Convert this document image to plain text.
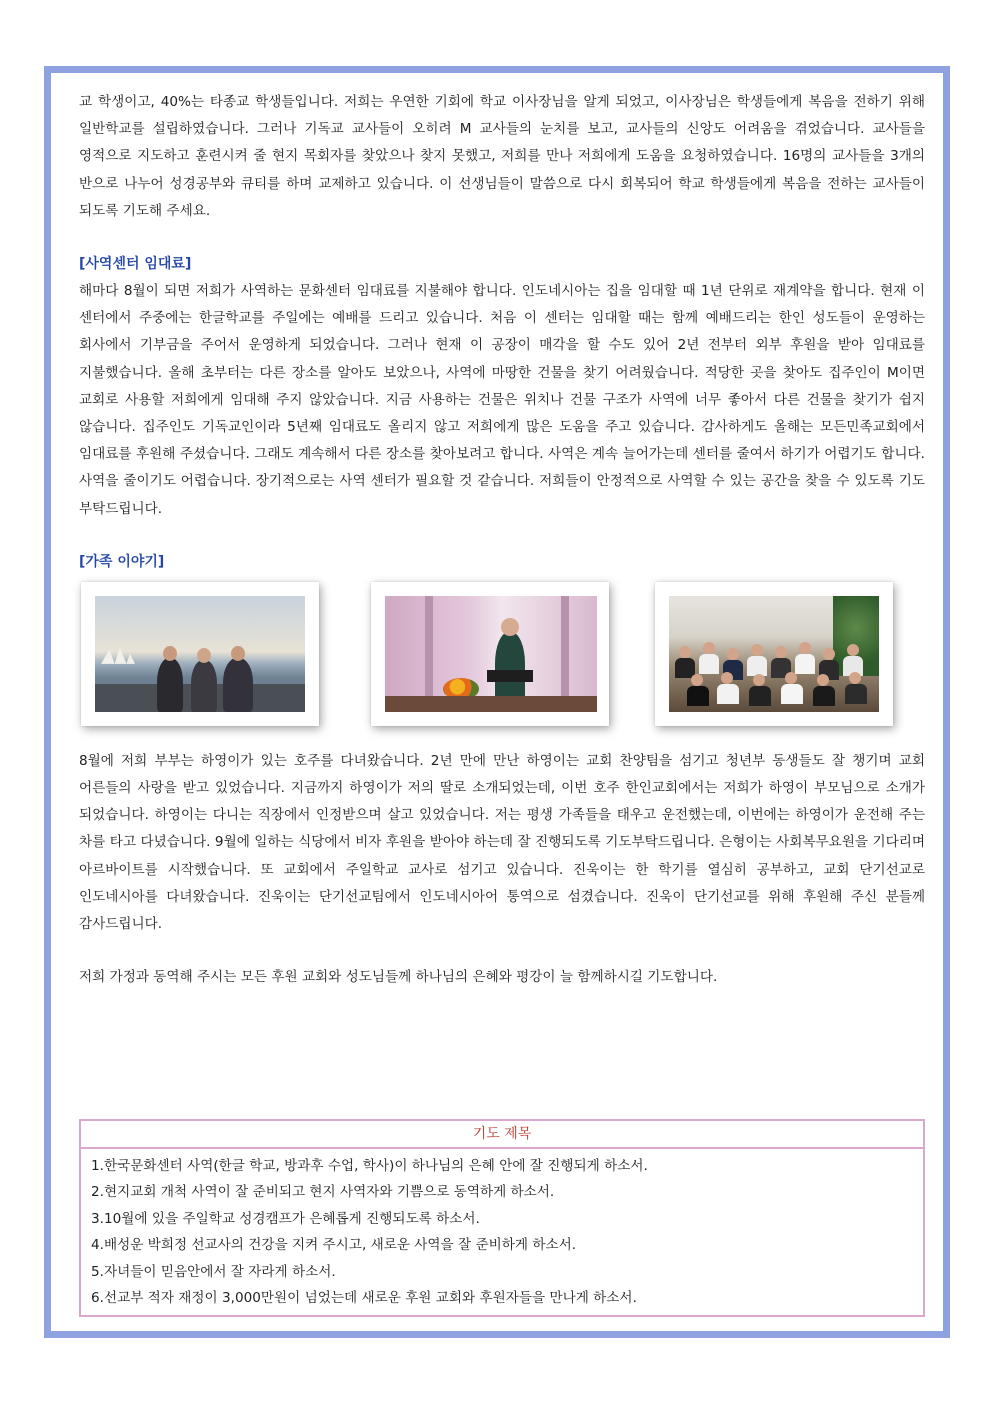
교 학생이고, 40%는 타종교 학생들입니다. 저희는 우연한 기회에 학교 이사장님을 알게 되었고, 이사장님은 학생들에게 복음을 전하기 위해 일반학교를 설립하였습니다. 그러나 기독교 교사들이 오히려 M 교사들의 눈치를 보고, 교사들의 신앙도 어려움을 겪었습니다. 교사들을 영적으로 지도하고 훈련시켜 줄 현지 목회자를 찾았으나 찾지 못했고, 저희를 만나 저희에게 도움을 요청하였습니다. 16명의 교사들을 3개의 반으로 나누어 성경공부와 큐티를 하며 교제하고 있습니다. 이 선생님들이 말씀으로 다시 회복되어 학교 학생들에게 복음을 전하는 교사들이 되도록 기도해 주세요.

[사역센터 임대료]

해마다 8월이 되면 저희가 사역하는 문화센터 임대료를 지불해야 합니다. 인도네시아는 집을 임대할 때 1년 단위로 재계약을 합니다. 현재 이 센터에서 주중에는 한글학교를 주일에는 예배를 드리고 있습니다. 처음 이 센터는 임대할 때는 함께 예배드리는 한인 성도들이 운영하는 회사에서 기부금을 주어서 운영하게 되었습니다. 그러나 현재 이 공장이 매각을 할 수도 있어 2년 전부터 외부 후원을 받아 임대료를 지불했습니다. 올해 초부터는 다른 장소를 알아도 보았으나, 사역에 마땅한 건물을 찾기 어려웠습니다. 적당한 곳을 찾아도 집주인이 M이면 교회로 사용할 저희에게 임대해 주지 않았습니다. 지금 사용하는 건물은 위치나 건물 구조가 사역에 너무 좋아서 다른 건물을 찾기가 쉽지 않습니다. 집주인도 기독교인이라 5년째 임대료도 올리지 않고 저희에게 많은 도움을 주고 있습니다. 감사하게도 올해는 모든민족교회에서 임대료를 후원해 주셨습니다. 그래도 계속해서 다른 장소를 찾아보려고 합니다. 사역은 계속 늘어가는데 센터를 줄여서 하기가 어렵기도 합니다. 사역을 줄이기도 어렵습니다. 장기적으로는 사역 센터가 필요할 것 같습니다. 저희들이 안정적으로 사역할 수 있는 공간을 찾을 수 있도록 기도 부탁드립니다.

[가족 이야기]

8월에 저희 부부는 하영이가 있는 호주를 다녀왔습니다. 2년 만에 만난 하영이는 교회 찬양팀을 섬기고 청년부 동생들도 잘 챙기며 교회 어른들의 사랑을 받고 있었습니다. 지금까지 하영이가 저의 딸로 소개되었는데, 이번 호주 한인교회에서는 저희가 하영이 부모님으로 소개가 되었습니다. 하영이는 다니는 직장에서 인정받으며 살고 있었습니다. 저는 평생 가족들을 태우고 운전했는데, 이번에는 하영이가 운전해 주는 차를 타고 다녔습니다. 9월에 일하는 식당에서 비자 후원을 받아야 하는데 잘 진행되도록 기도부탁드립니다. 은형이는 사회복무요원을 기다리며 아르바이트를 시작했습니다. 또 교회에서 주일학교 교사로 섬기고 있습니다. 진욱이는 한 학기를 열심히 공부하고, 교회 단기선교로 인도네시아를 다녀왔습니다. 진욱이는 단기선교팀에서 인도네시아어 통역으로 섬겼습니다. 진욱이 단기선교를 위해 후원해 주신 분들께 감사드립니다.

저희 가정과 동역해 주시는 모든 후원 교회와 성도님들께 하나님의 은혜와 평강이 늘 함께하시길 기도합니다.

기도 제목
1.한국문화센터 사역(한글 학교, 방과후 수업, 학사)이 하나님의 은혜 안에 잘 진행되게 하소서.
2.현지교회 개척 사역이 잘 준비되고 현지 사역자와 기쁨으로 동역하게 하소서.
3.10월에 있을 주일학교 성경캠프가 은혜롭게 진행되도록 하소서.
4.배성운 박희정 선교사의 건강을 지켜 주시고, 새로운 사역을 잘 준비하게 하소서.
5.자녀들이 믿음안에서 잘 자라게 하소서.
6.선교부 적자 재정이 3,000만원이 넘었는데 새로운 후원 교회와 후원자들을 만나게 하소서.
